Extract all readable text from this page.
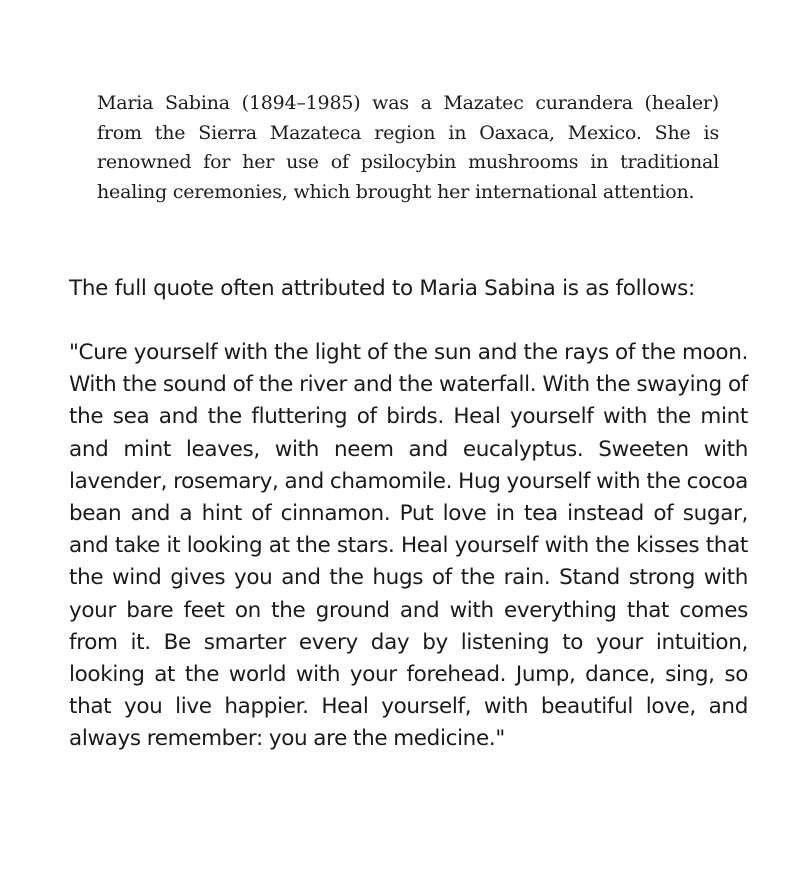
Maria Sabina (1894–1985) was a Mazatec curandera (healer) from the Sierra Mazateca region in Oaxaca, Mexico. She is renowned for her use of psilocybin mushrooms in traditional healing ceremonies, which brought her international attention.

The full quote often attributed to Maria Sabina is as follows:

"Cure yourself with the light of the sun and the rays of the moon. With the sound of the river and the waterfall. With the swaying of the sea and the fluttering of birds. Heal yourself with the mint and mint leaves, with neem and eucalyptus. Sweeten with lavender, rosemary, and chamomile. Hug yourself with the cocoa bean and a hint of cinnamon. Put love in tea instead of sugar, and take it looking at the stars. Heal yourself with the kisses that the wind gives you and the hugs of the rain. Stand strong with your bare feet on the ground and with everything that comes from it. Be smarter every day by listening to your intuition, looking at the world with your forehead. Jump, dance, sing, so that you live happier. Heal yourself, with beautiful love, and always remember: you are the medicine."
